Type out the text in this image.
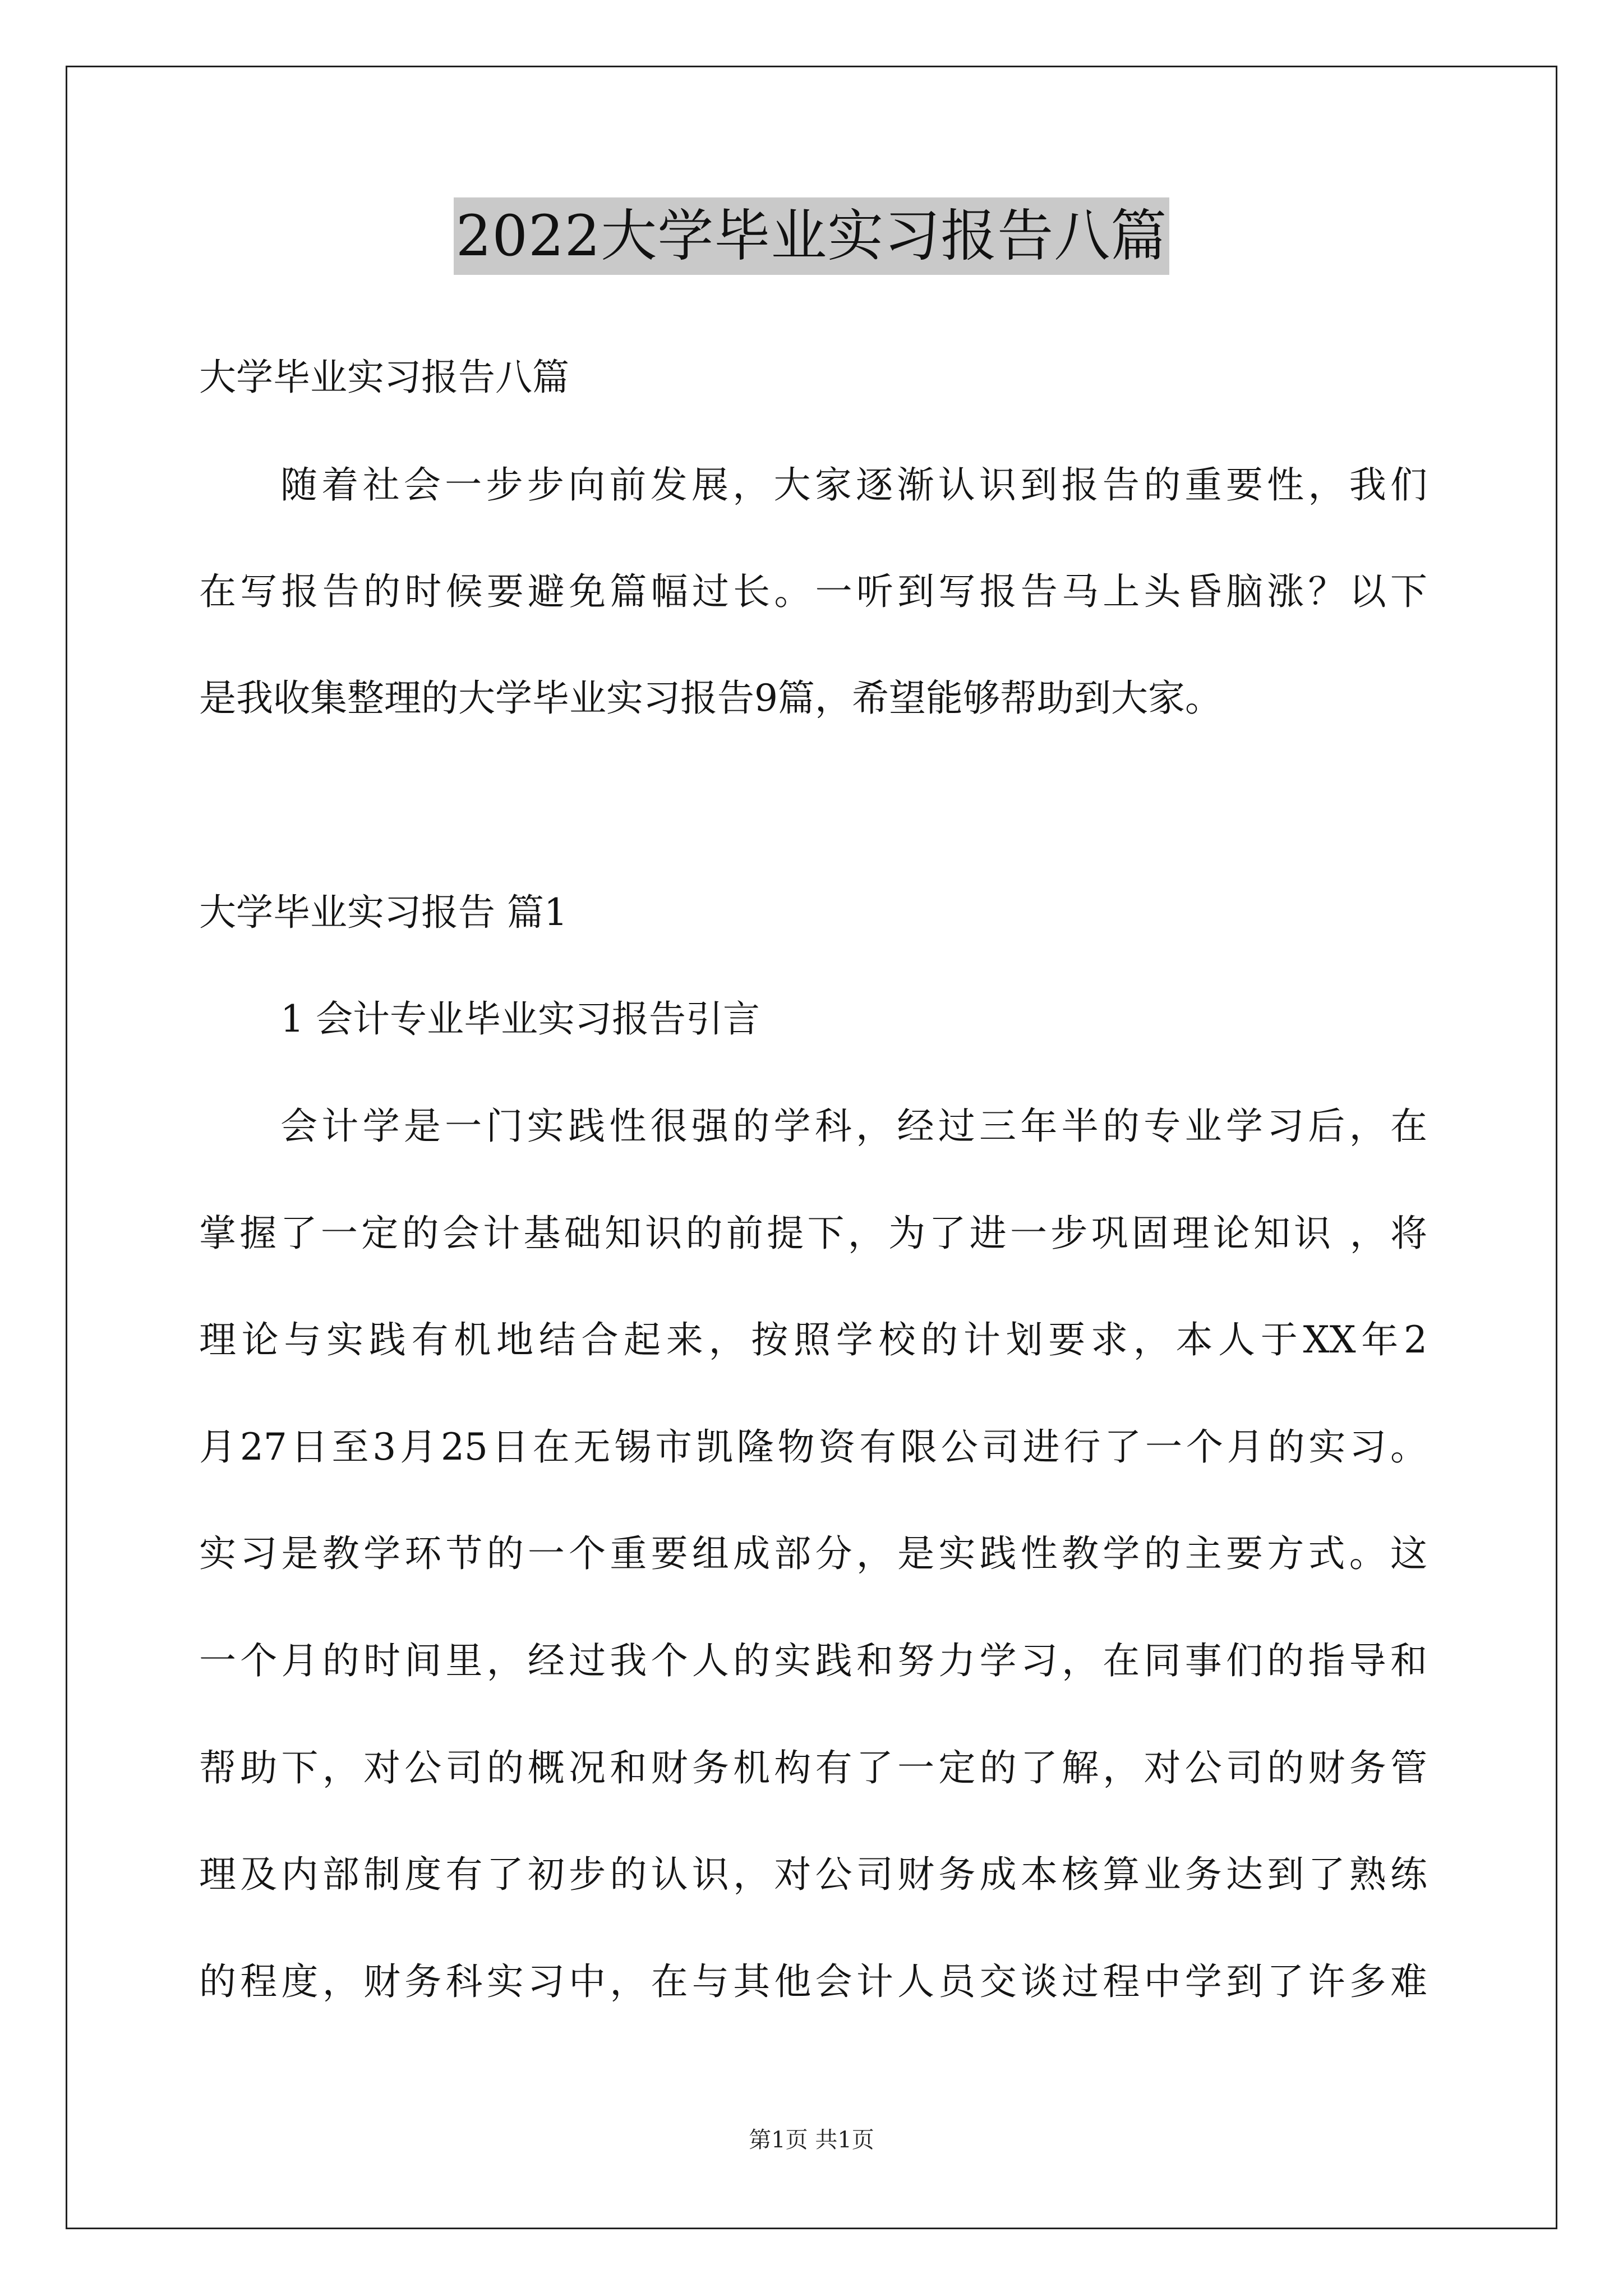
2022大学毕业实习报告八篇
大学毕业实习报告八篇
随着社会一步步向前发展，大家逐渐认识到报告的重要性，我们
在写报告的时候要避免篇幅过长。一听到写报告马上头昏脑涨？以下
是我收集整理的大学毕业实习报告9篇，希望能够帮助到大家。
大学毕业实习报告 篇1
1 会计专业毕业实习报告引言
会计学是一门实践性很强的学科，经过三年半的专业学习后，在
掌握了一定的会计基础知识的前提下，为了进一步巩固理论知识 ，将
理论与实践有机地结合起来，按照学校的计划要求，本人于XX年2
月27日至3月25日在无锡市凯隆物资有限公司进行了一个月的实习。
实习是教学环节的一个重要组成部分，是实践性教学的主要方式。这
一个月的时间里，经过我个人的实践和努力学习，在同事们的指导和
帮助下，对公司的概况和财务机构有了一定的了解，对公司的财务管
理及内部制度有了初步的认识，对公司财务成本核算业务达到了熟练
的程度，财务科实习中，在与其他会计人员交谈过程中学到了许多难
第1页 共1页
